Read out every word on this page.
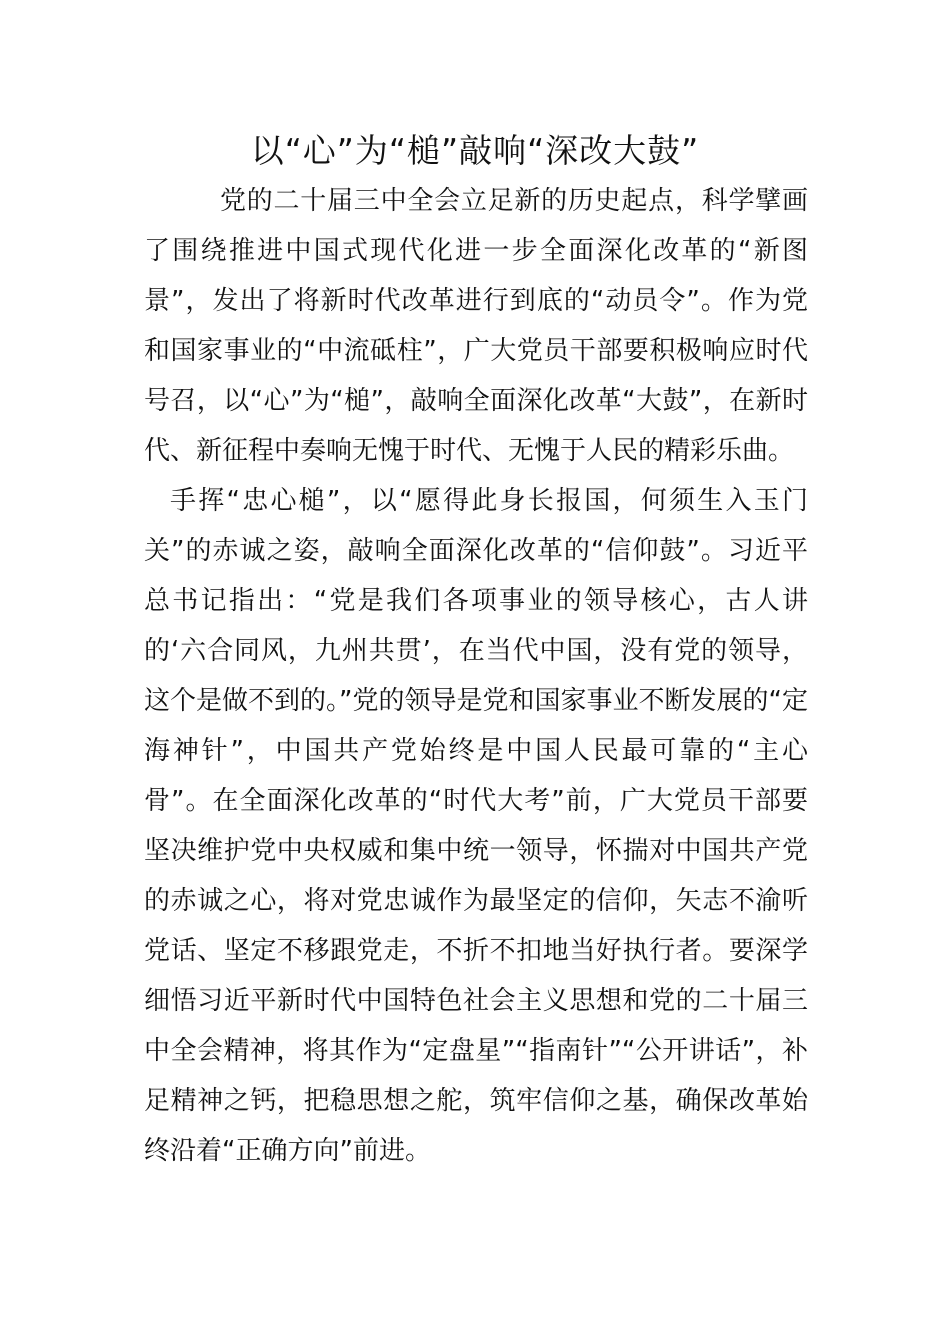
以“心”为“槌”敲响“深改大鼓”

党的二十届三中全会立足新的历史起点，科学擘画了围绕推进中国式现代化进一步全面深化改革的“新图景”，发出了将新时代改革进行到底的“动员令”。作为党和国家事业的“中流砥柱”，广大党员干部要积极响应时代号召，以“心”为“槌”，敲响全面深化改革“大鼓”，在新时代、新征程中奏响无愧于时代、无愧于人民的精彩乐曲。

手挥“忠心槌”，以“愿得此身长报国，何须生入玉门关”的赤诚之姿，敲响全面深化改革的“信仰鼓”。习近平总书记指出：“党是我们各项事业的领导核心，古人讲的‘六合同风，九州共贯’，在当代中国，没有党的领导，这个是做不到的。”党的领导是党和国家事业不断发展的“定海神针”，中国共产党始终是中国人民最可靠的“主心骨”。在全面深化改革的“时代大考”前，广大党员干部要坚决维护党中央权威和集中统一领导，怀揣对中国共产党的赤诚之心，将对党忠诚作为最坚定的信仰，矢志不渝听党话、坚定不移跟党走，不折不扣地当好执行者。要深学细悟习近平新时代中国特色社会主义思想和党的二十届三中全会精神，将其作为“定盘星”“指南针”“公开讲话”，补足精神之钙，把稳思想之舵，筑牢信仰之基，确保改革始终沿着“正确方向”前进。
